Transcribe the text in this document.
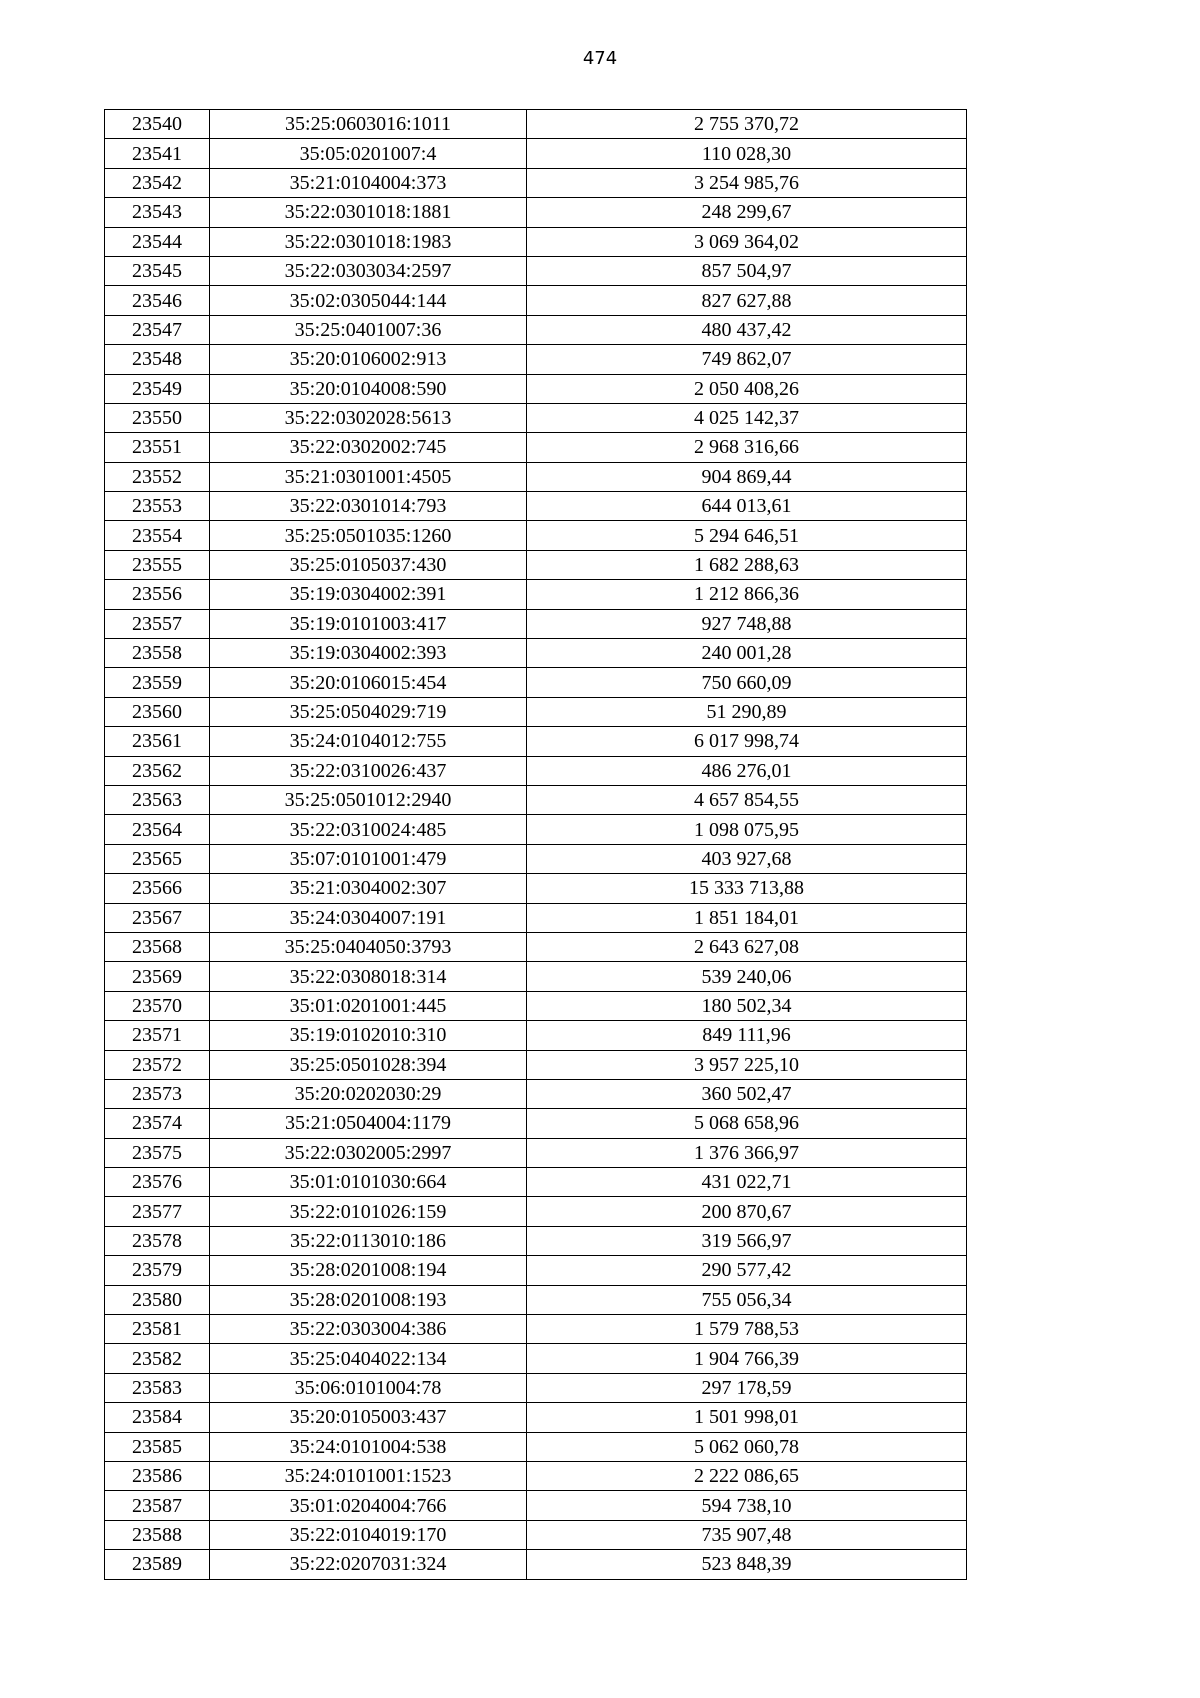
474
23540	35:25:0603016:1011	2 755 370,72
23541	35:05:0201007:4	110 028,30
23542	35:21:0104004:373	3 254 985,76
23543	35:22:0301018:1881	248 299,67
23544	35:22:0301018:1983	3 069 364,02
23545	35:22:0303034:2597	857 504,97
23546	35:02:0305044:144	827 627,88
23547	35:25:0401007:36	480 437,42
23548	35:20:0106002:913	749 862,07
23549	35:20:0104008:590	2 050 408,26
23550	35:22:0302028:5613	4 025 142,37
23551	35:22:0302002:745	2 968 316,66
23552	35:21:0301001:4505	904 869,44
23553	35:22:0301014:793	644 013,61
23554	35:25:0501035:1260	5 294 646,51
23555	35:25:0105037:430	1 682 288,63
23556	35:19:0304002:391	1 212 866,36
23557	35:19:0101003:417	927 748,88
23558	35:19:0304002:393	240 001,28
23559	35:20:0106015:454	750 660,09
23560	35:25:0504029:719	51 290,89
23561	35:24:0104012:755	6 017 998,74
23562	35:22:0310026:437	486 276,01
23563	35:25:0501012:2940	4 657 854,55
23564	35:22:0310024:485	1 098 075,95
23565	35:07:0101001:479	403 927,68
23566	35:21:0304002:307	15 333 713,88
23567	35:24:0304007:191	1 851 184,01
23568	35:25:0404050:3793	2 643 627,08
23569	35:22:0308018:314	539 240,06
23570	35:01:0201001:445	180 502,34
23571	35:19:0102010:310	849 111,96
23572	35:25:0501028:394	3 957 225,10
23573	35:20:0202030:29	360 502,47
23574	35:21:0504004:1179	5 068 658,96
23575	35:22:0302005:2997	1 376 366,97
23576	35:01:0101030:664	431 022,71
23577	35:22:0101026:159	200 870,67
23578	35:22:0113010:186	319 566,97
23579	35:28:0201008:194	290 577,42
23580	35:28:0201008:193	755 056,34
23581	35:22:0303004:386	1 579 788,53
23582	35:25:0404022:134	1 904 766,39
23583	35:06:0101004:78	297 178,59
23584	35:20:0105003:437	1 501 998,01
23585	35:24:0101004:538	5 062 060,78
23586	35:24:0101001:1523	2 222 086,65
23587	35:01:0204004:766	594 738,10
23588	35:22:0104019:170	735 907,48
23589	35:22:0207031:324	523 848,39
